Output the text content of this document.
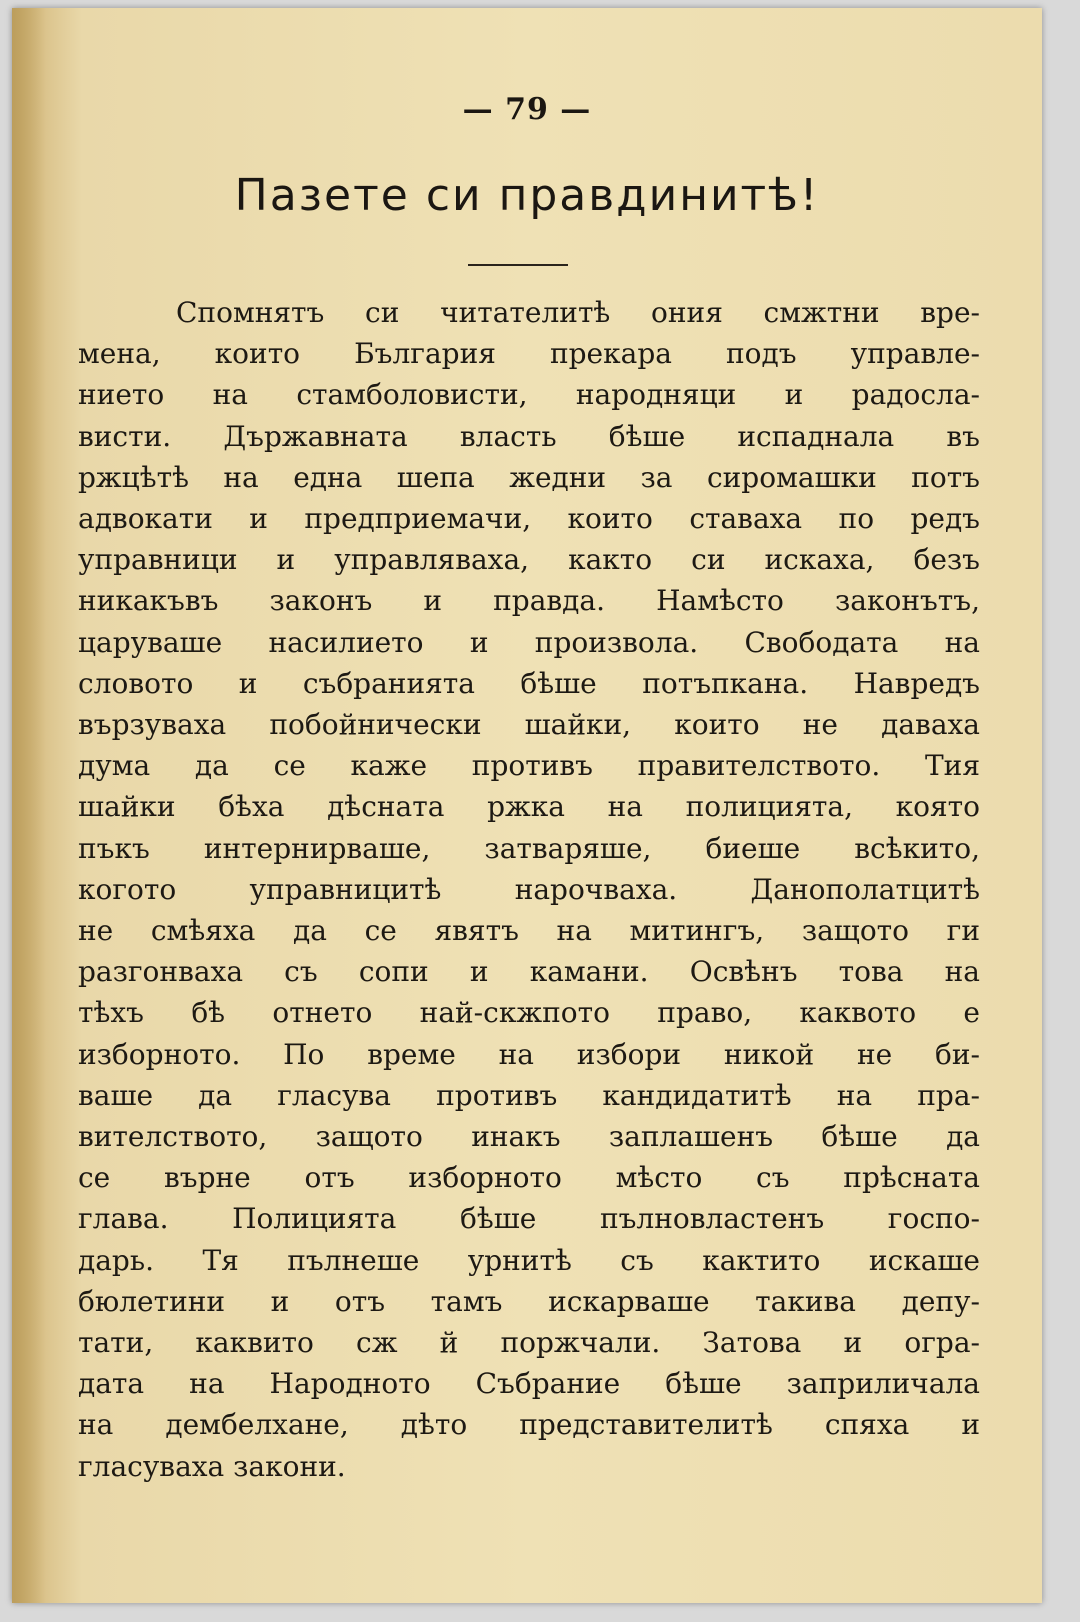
— 79 —
Пазете си правдинитѣ!
Спомнятъ си читателитѣ ония смжтни вре-
мена, които България прекара подъ управле-
нието на стамболовисти, народняци и радосла-
висти. Държавната власть бѣше испаднала въ
ржцѣтѣ на една шепа жедни за сиромашки потъ
адвокати и предприемачи, които ставаха по редъ
управници и управляваха, както си искаха, безъ
никакъвъ законъ и правда. Намѣсто законътъ,
царуваше насилието и произвола. Свободата на
словото и събранията бѣше потъпкана. Навредъ
вързуваха побойнически шайки, които не даваха
дума да се каже противъ правителството. Тия
шайки бѣха дѣсната ржка на полицията, която
пъкъ интернирваше, затваряше, биеше всѣкито,
когото управницитѣ нарочваха. Данополатцитѣ
не смѣяха да се явятъ на митингъ, защото ги
разгонваха съ сопи и камани. Освѣнъ това на
тѣхъ бѣ отнето най-скжпото право, каквото е
изборното. По време на избори никой не би-
ваше да гласува противъ кандидатитѣ на пра-
вителството, защото инакъ заплашенъ бѣше да
се върне отъ изборното мѣсто съ прѣсната
глава. Полицията бѣше пълновластенъ госпо-
дарь. Тя пълнеше урнитѣ съ кактито искаше
бюлетини и отъ тамъ искарваше такива депу-
тати, каквито сж й поржчали. Затова и огра-
дата на Народното Събрание бѣше заприличала
на дембелхане, дѣто представителитѣ спяха и
гласуваха закони.
